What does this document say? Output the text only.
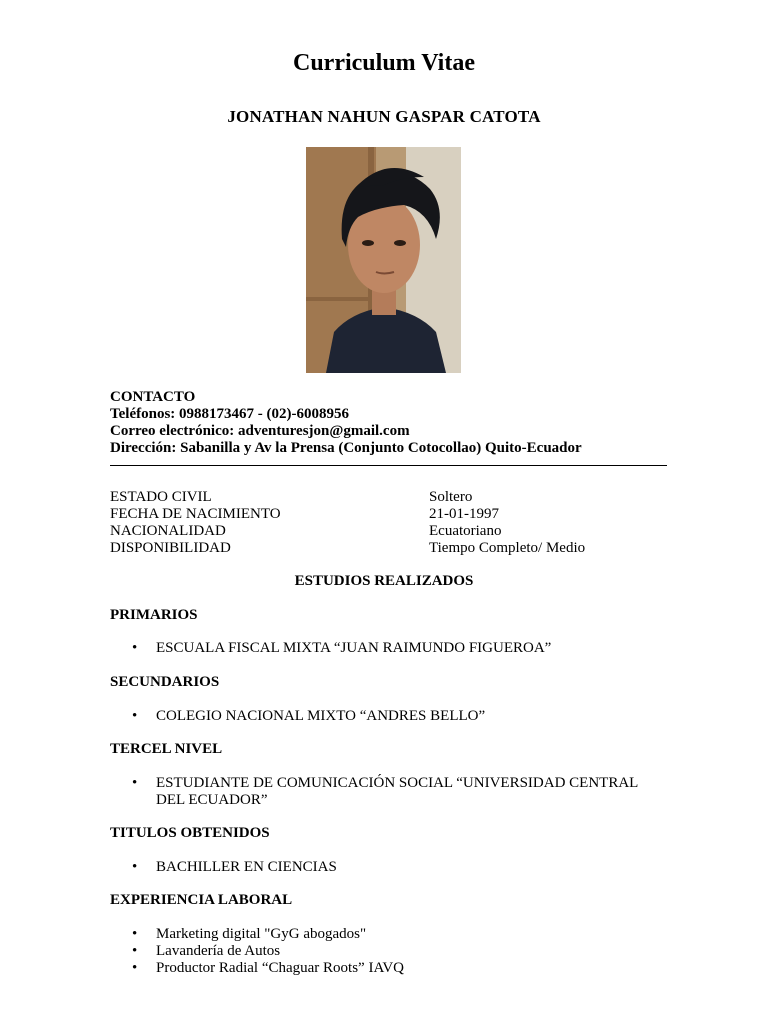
Curriculum Vitae
JONATHAN NAHUN GASPAR CATOTA
CONTACTO
Teléfonos: 0988173467 - (02)-6008956
Correo electrónico: adventuresjon@gmail.com
Dirección: Sabanilla y Av la Prensa (Conjunto Cotocollao) Quito-Ecuador
ESTADO CIVIL	Soltero
FECHA DE NACIMIENTO	21-01-1997
NACIONALIDAD	Ecuatoriano
DISPONIBILIDAD	Tiempo Completo/ Medio
ESTUDIOS REALIZADOS
PRIMARIOS
• ESCUALA FISCAL MIXTA “JUAN RAIMUNDO FIGUEROA”
SECUNDARIOS
• COLEGIO NACIONAL MIXTO “ANDRES BELLO”
TERCEL NIVEL
• ESTUDIANTE DE COMUNICACIÓN SOCIAL “UNIVERSIDAD CENTRAL DEL ECUADOR”
TITULOS OBTENIDOS
• BACHILLER EN CIENCIAS
EXPERIENCIA LABORAL
• Marketing digital "GyG abogados"
• Lavandería de Autos
• Productor Radial “Chaguar Roots” IAVQ
